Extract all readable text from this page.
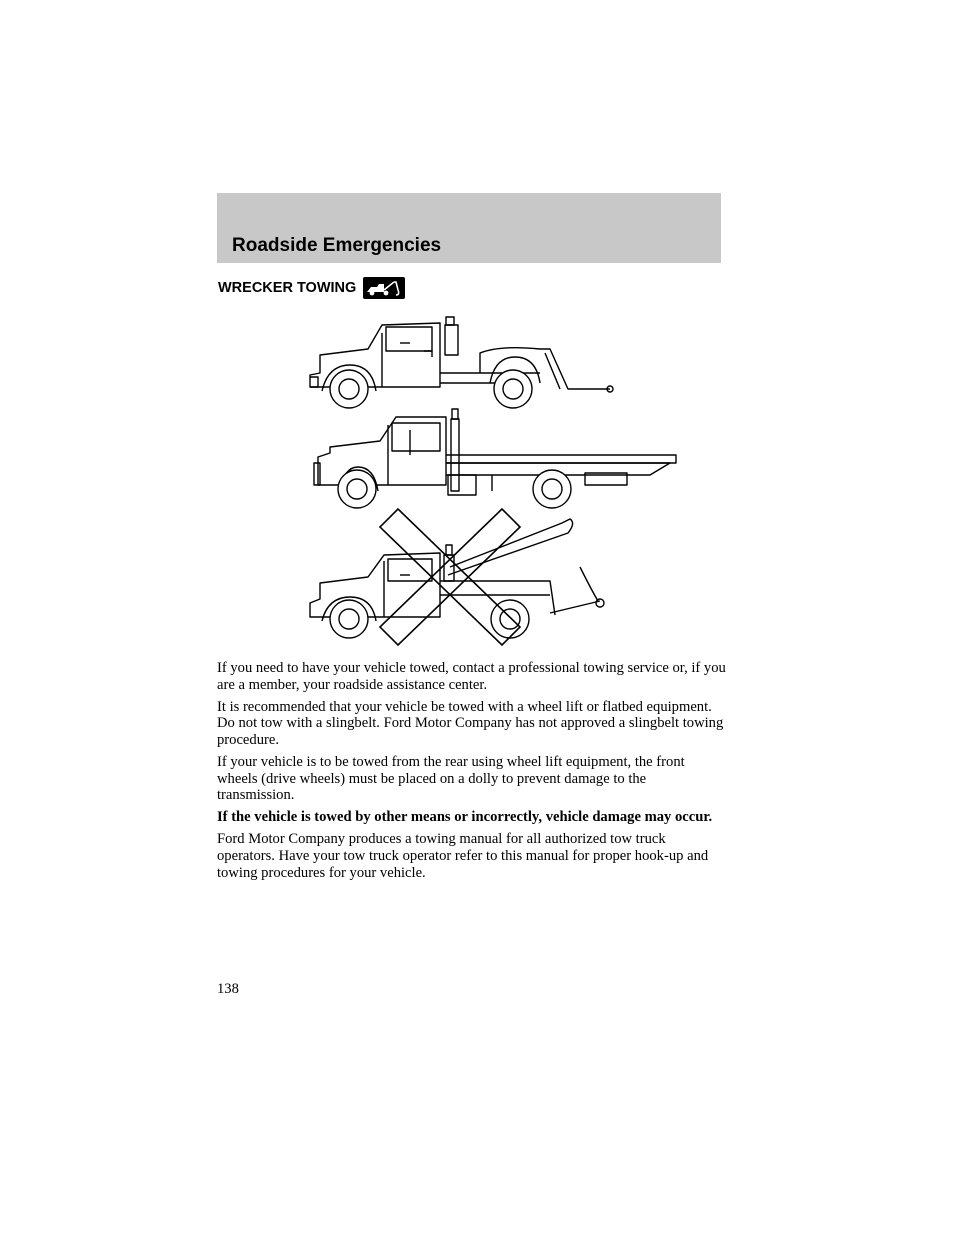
Roadside Emergencies
WRECKER TOWING

If you need to have your vehicle towed, contact a professional towing service or, if you are a member, your roadside assistance center.

It is recommended that your vehicle be towed with a wheel lift or flatbed equipment. Do not tow with a slingbelt. Ford Motor Company has not approved a slingbelt towing procedure.

If your vehicle is to be towed from the rear using wheel lift equipment, the front wheels (drive wheels) must be placed on a dolly to prevent damage to the transmission.

If the vehicle is towed by other means or incorrectly, vehicle damage may occur.

Ford Motor Company produces a towing manual for all authorized tow truck operators. Have your tow truck operator refer to this manual for proper hook-up and towing procedures for your vehicle.

138
